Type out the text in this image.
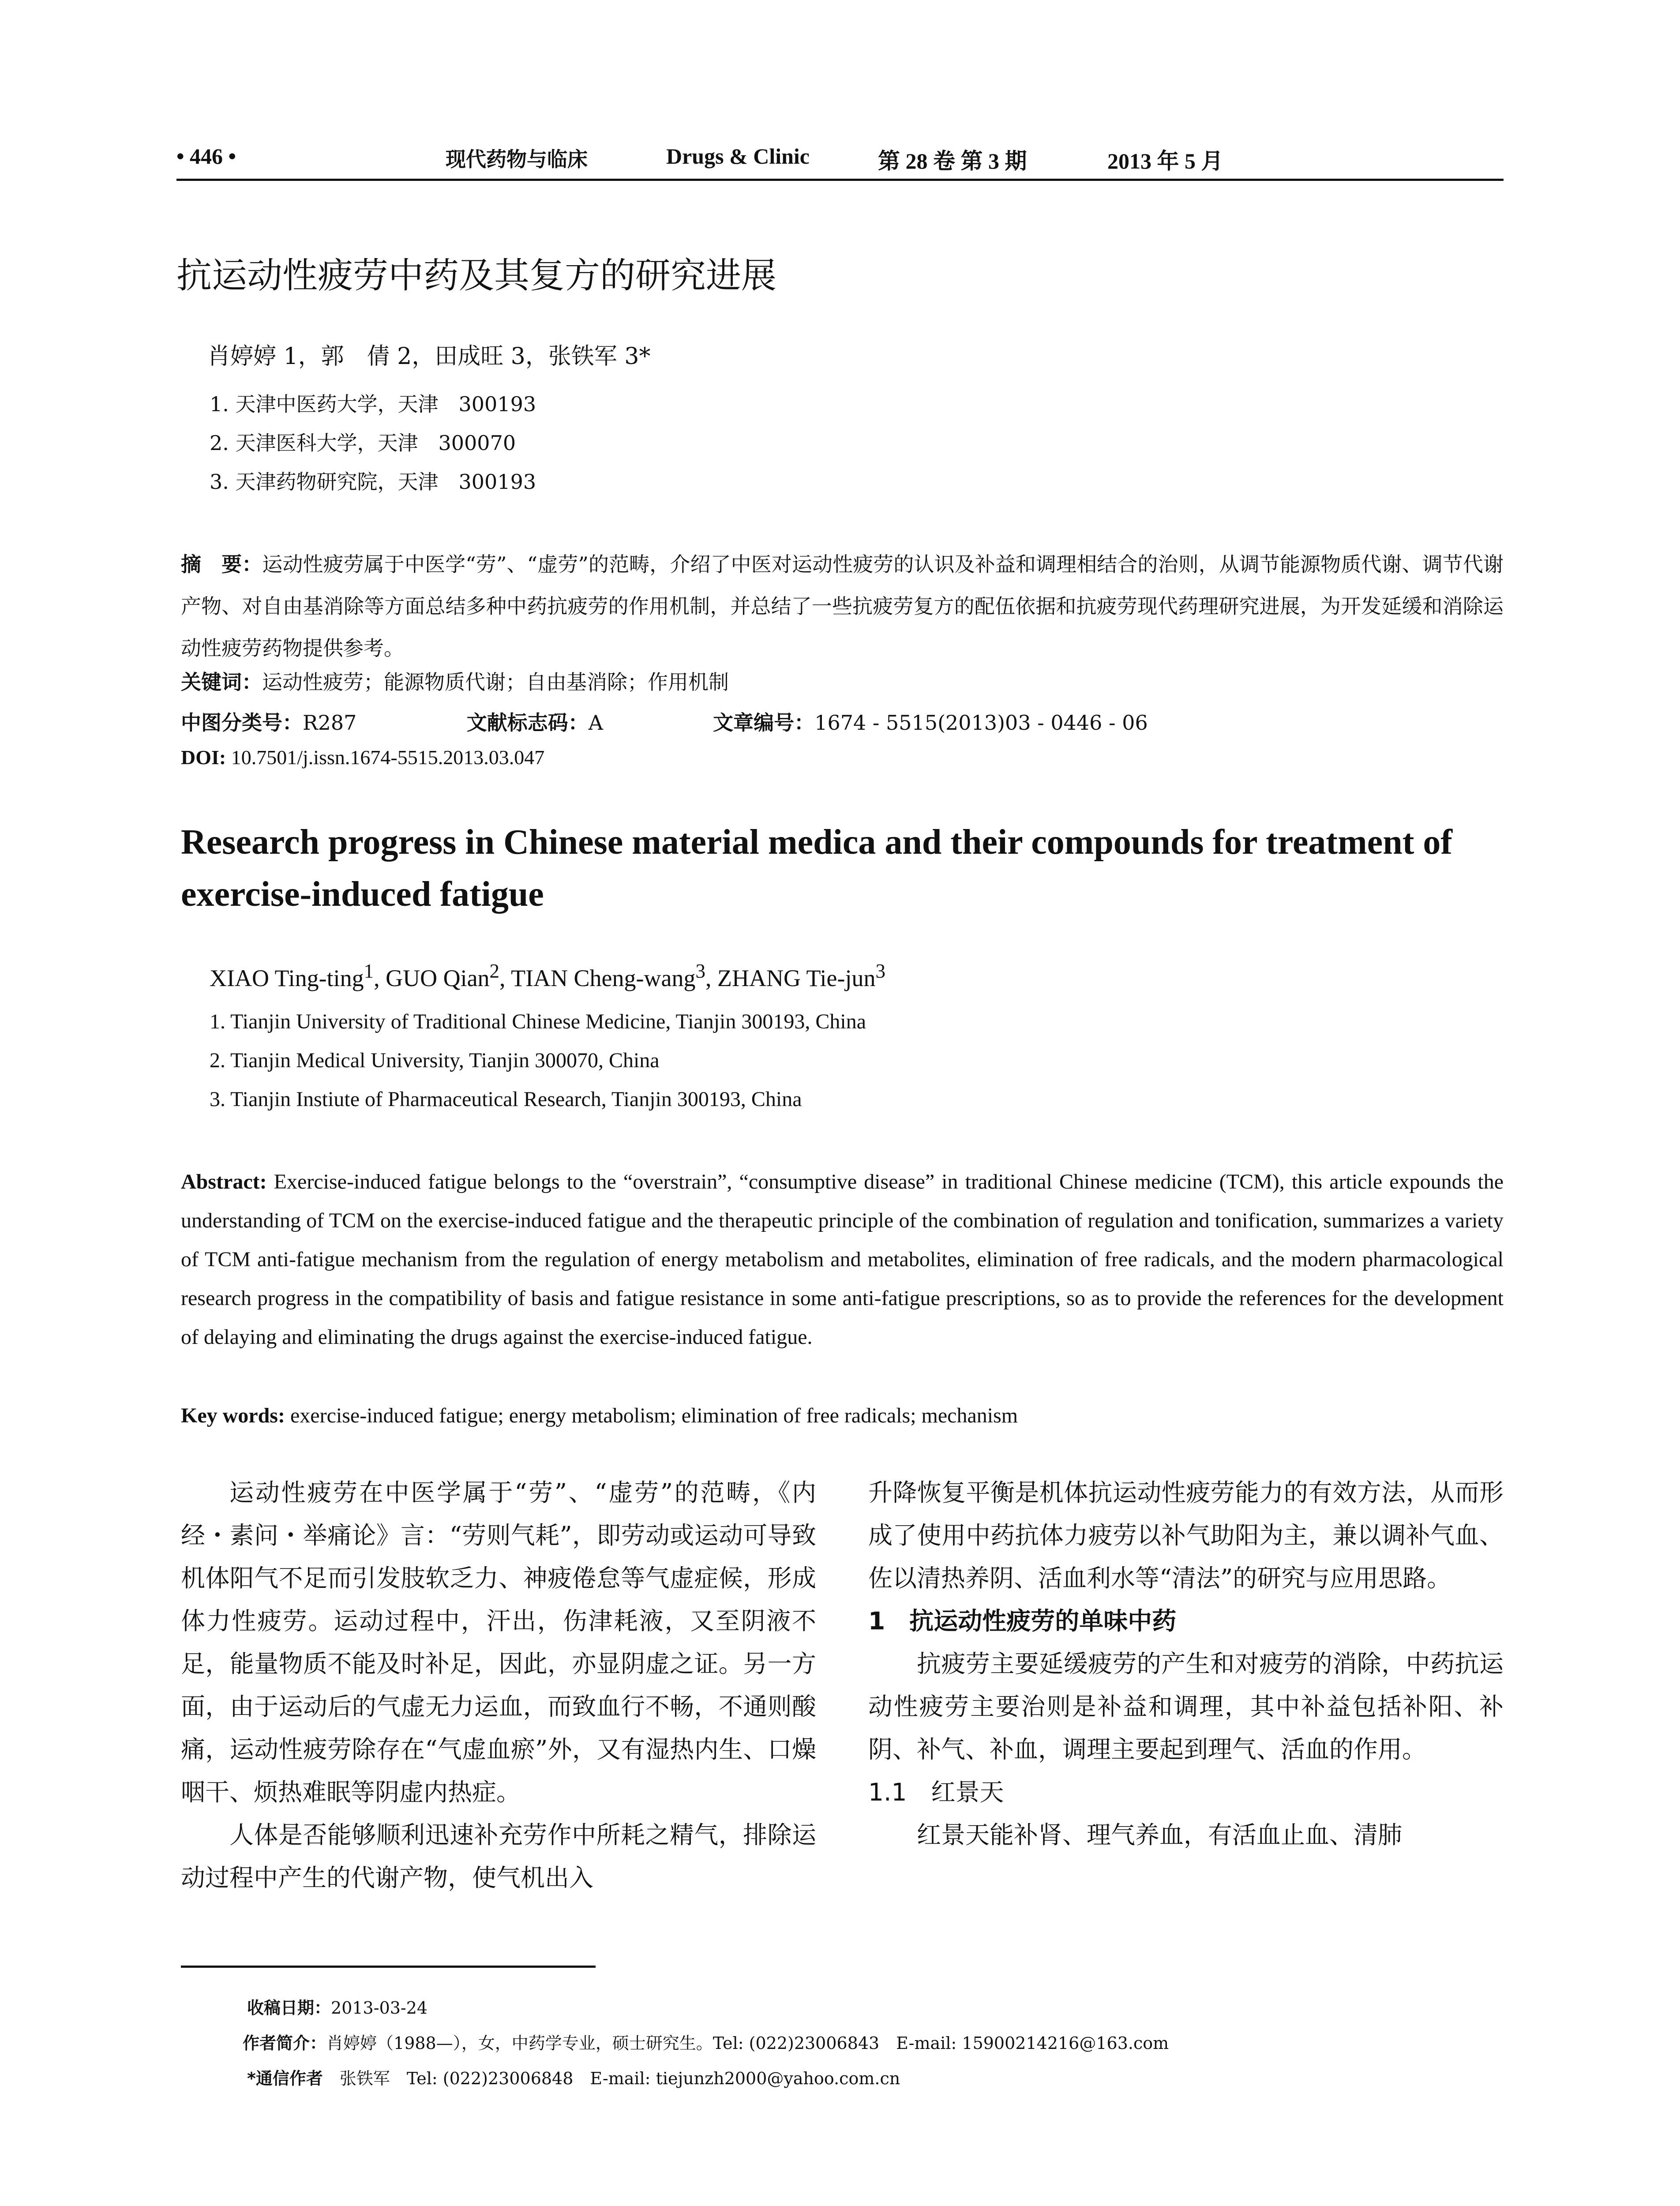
• 446 •	现代药物与临床	Drugs & Clinic	第 28 卷 第 3 期	2013 年 5 月
抗运动性疲劳中药及其复方的研究进展
肖婷婷 1，郭　倩 2，田成旺 3，张铁军 3*
1. 天津中医药大学，天津　300193
2. 天津医科大学，天津　300070
3. 天津药物研究院，天津　300193
摘　要：运动性疲劳属于中医学“劳”、“虚劳”的范畴，介绍了中医对运动性疲劳的认识及补益和调理相结合的治则，从调节能源物质代谢、调节代谢产物、对自由基消除等方面总结多种中药抗疲劳的作用机制，并总结了一些抗疲劳复方的配伍依据和抗疲劳现代药理研究进展，为开发延缓和消除运动性疲劳药物提供参考。
关键词：运动性疲劳；能源物质代谢；自由基消除；作用机制
中图分类号：R287	文献标志码：A	文章编号：1674 - 5515(2013)03 - 0446 - 06
DOI: 10.7501/j.issn.1674-5515.2013.03.047
Research progress in Chinese material medica and their compounds for treatment of exercise-induced fatigue
XIAO Ting-ting$^1$, GUO Qian$^2$, TIAN Cheng-wang$^3$, ZHANG Tie-jun$^3$
1. Tianjin University of Traditional Chinese Medicine, Tianjin 300193, China
2. Tianjin Medical University, Tianjin 300070, China
3. Tianjin Instiute of Pharmaceutical Research, Tianjin 300193, China
Abstract: Exercise-induced fatigue belongs to the “overstrain”, “consumptive disease” in traditional Chinese medicine (TCM), this article expounds the understanding of TCM on the exercise-induced fatigue and the therapeutic principle of the combination of regulation and tonification, summarizes a variety of TCM anti-fatigue mechanism from the regulation of energy metabolism and metabolites, elimination of free radicals, and the modern pharmacological research progress in the compatibility of basis and fatigue resistance in some anti-fatigue prescriptions, so as to provide the references for the development of delaying and eliminating the drugs against the exercise-induced fatigue.
Key words: exercise-induced fatigue; energy metabolism; elimination of free radicals; mechanism

运动性疲劳在中医学属于“劳”、“虚劳”的范畴，《内经・素问・举痛论》言：“劳则气耗”，即劳动或运动可导致机体阳气不足而引发肢软乏力、神疲倦怠等气虚症候，形成体力性疲劳。运动过程中，汗出，伤津耗液，又至阴液不足，能量物质不能及时补足，因此，亦显阴虚之证。另一方面，由于运动后的气虚无力运血，而致血行不畅，不通则酸痛，运动性疲劳除存在“气虚血瘀”外，又有湿热内生、口燥咽干、烦热难眠等阴虚内热症。

人体是否能够顺利迅速补充劳作中所耗之精气，排除运动过程中产生的代谢产物，使气机出入

升降恢复平衡是机体抗运动性疲劳能力的有效方法，从而形成了使用中药抗体力疲劳以补气助阳为主，兼以调补气血、佐以清热养阴、活血利水等“清法”的研究与应用思路。

1　抗运动性疲劳的单味中药

抗疲劳主要延缓疲劳的产生和对疲劳的消除，中药抗运动性疲劳主要治则是补益和调理，其中补益包括补阳、补阴、补气、补血，调理主要起到理气、活血的作用。

1.1　红景天

红景天能补肾、理气养血，有活血止血、清肺

收稿日期：2013-03-24
作者简介：肖婷婷（1988—），女，中药学专业，硕士研究生。Tel: (022)23006843　E-mail: 15900214216@163.com
*通信作者　 张铁军　Tel: (022)23006848　E-mail: tiejunzh2000@yahoo.com.cn
